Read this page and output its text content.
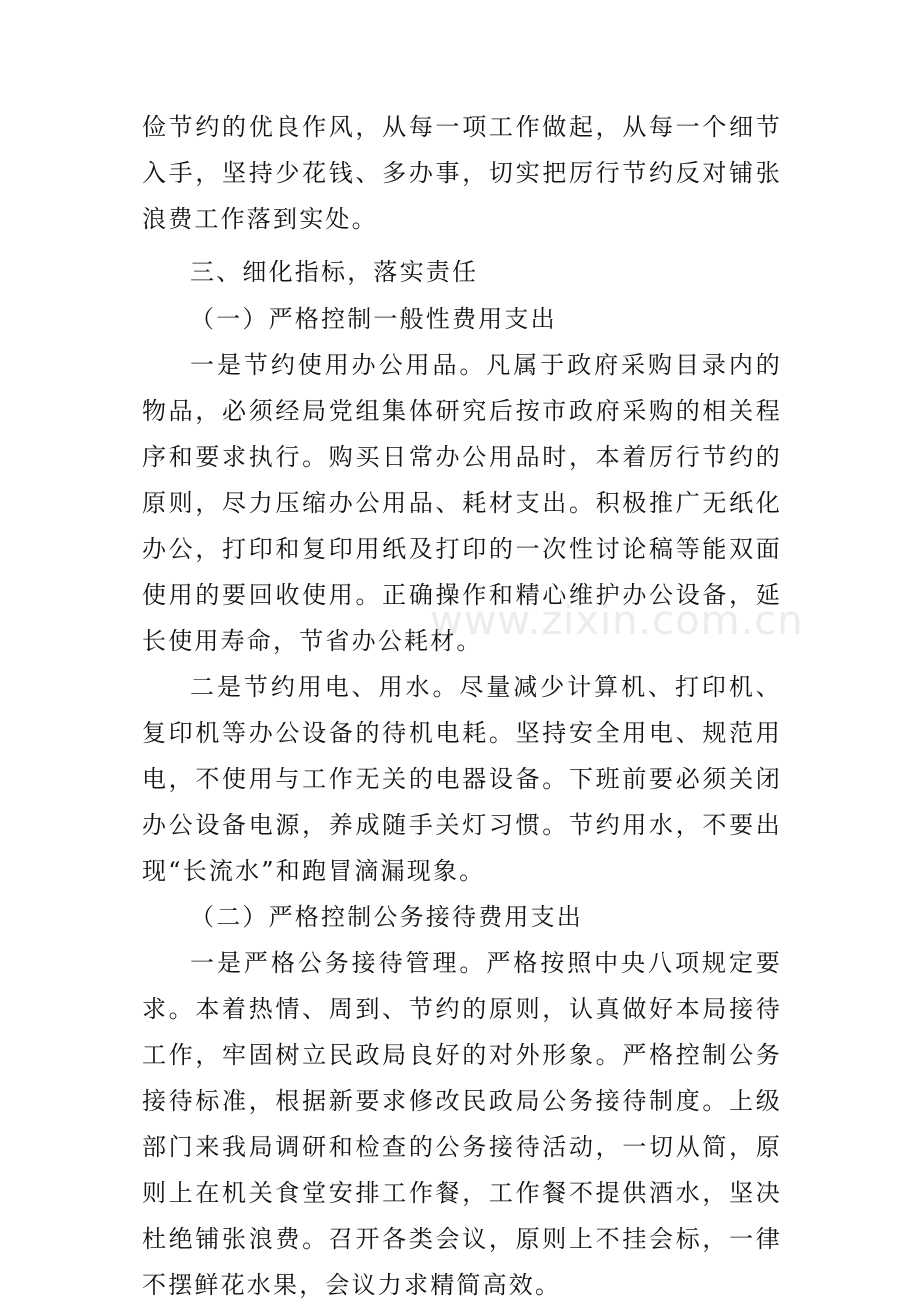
俭节约的优良作风，从每一项工作做起，从每一个细节入手，坚持少花钱、多办事，切实把厉行节约反对铺张浪费工作落到实处。

三、细化指标，落实责任

（一）严格控制一般性费用支出

一是节约使用办公用品。凡属于政府采购目录内的物品，必须经局党组集体研究后按市政府采购的相关程序和要求执行。购买日常办公用品时，本着厉行节约的原则，尽力压缩办公用品、耗材支出。积极推广无纸化办公，打印和复印用纸及打印的一次性讨论稿等能双面使用的要回收使用。正确操作和精心维护办公设备，延长使用寿命，节省办公耗材。

二是节约用电、用水。尽量减少计算机、打印机、复印机等办公设备的待机电耗。坚持安全用电、规范用电，不使用与工作无关的电器设备。下班前要必须关闭办公设备电源，养成随手关灯习惯。节约用水，不要出现“长流水”和跑冒滴漏现象。

（二）严格控制公务接待费用支出

一是严格公务接待管理。严格按照中央八项规定要求。本着热情、周到、节约的原则，认真做好本局接待工作，牢固树立民政局良好的对外形象。严格控制公务接待标准，根据新要求修改民政局公务接待制度。上级部门来我局调研和检查的公务接待活动，一切从简，原则上在机关食堂安排工作餐，工作餐不提供酒水，坚决杜绝铺张浪费。召开各类会议，原则上不挂会标，一律不摆鲜花水果，会议力求精简高效。

www.zixin.com.cn
